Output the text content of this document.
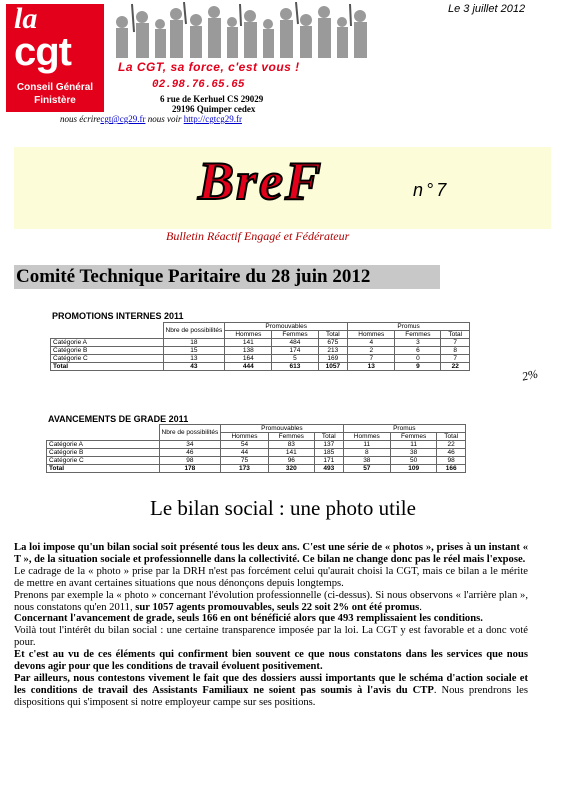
la
cgt
Conseil Général
Finistère
Le 3 juillet 2012
La CGT, sa force, c'est vous !
02.98.76.65.65
6 rue de Kerhuel CS 29029
29196 Quimper cedex
nous écrirecgt@cg29.fr nous voir http://cgtcg29.fr
BreF	n°7
Bulletin Réactif Engagé et Fédérateur
Comité Technique Paritaire du 28 juin 2012
PROMOTIONS INTERNES 2011
	Nbre de possibilités	Promouvables			Promus		
		Hommes	Femmes	Total	Hommes	Femmes	Total
Catégorie A	18	141	484	675	4	3	7
Catégorie B	15	138	174	213	2	6	8
Catégorie C	13	164	5	169	7	0	7
Total	43	444	613	1057	13	9	22
2%
AVANCEMENTS DE GRADE 2011
	Nbre de possibilités	Promouvables			Promus		
		Hommes	Femmes	Total	Hommes	Femmes	Total
Catégorie A	34	54	83	137	11	11	22
Catégorie B	46	44	141	185	8	38	46
Catégorie C	98	75	96	171	38	50	98
Total	178	173	320	493	57	109	166
Le bilan social : une photo utile

La loi impose qu'un bilan social soit présenté tous les deux ans. C'est une série de « photos », prises à un instant « T », de la situation sociale et professionnelle dans la collectivité. Ce bilan ne change donc pas le réel mais l'expose.

Le cadrage de la « photo » prise par la DRH n'est pas forcément celui qu'aurait choisi la CGT, mais ce bilan a le mérite de mettre en avant certaines situations que nous dénonçons depuis longtemps.

Prenons par exemple la « photo » concernant l'évolution professionnelle (ci-dessus). Si nous observons « l'arrière plan », nous constatons qu'en 2011, sur 1057 agents promouvables, seuls 22 soit 2% ont été promus.

Concernant l'avancement de grade, seuls 166 en ont bénéficié alors que 493 remplissaient les conditions.

Voilà tout l'intérêt du bilan social : une certaine transparence imposée par la loi. La CGT y est favorable et a donc voté pour.

Et c'est au vu de ces éléments qui confirment bien souvent ce que nous constatons dans les services que nous devons agir pour que les conditions de travail évoluent positivement.

Par ailleurs, nous contestons vivement le fait que des dossiers aussi importants que le schéma d'action sociale et les conditions de travail des Assistants Familiaux ne soient pas soumis à l'avis du CTP. Nous prendrons les dispositions qui s'imposent si notre employeur campe sur ses positions.
